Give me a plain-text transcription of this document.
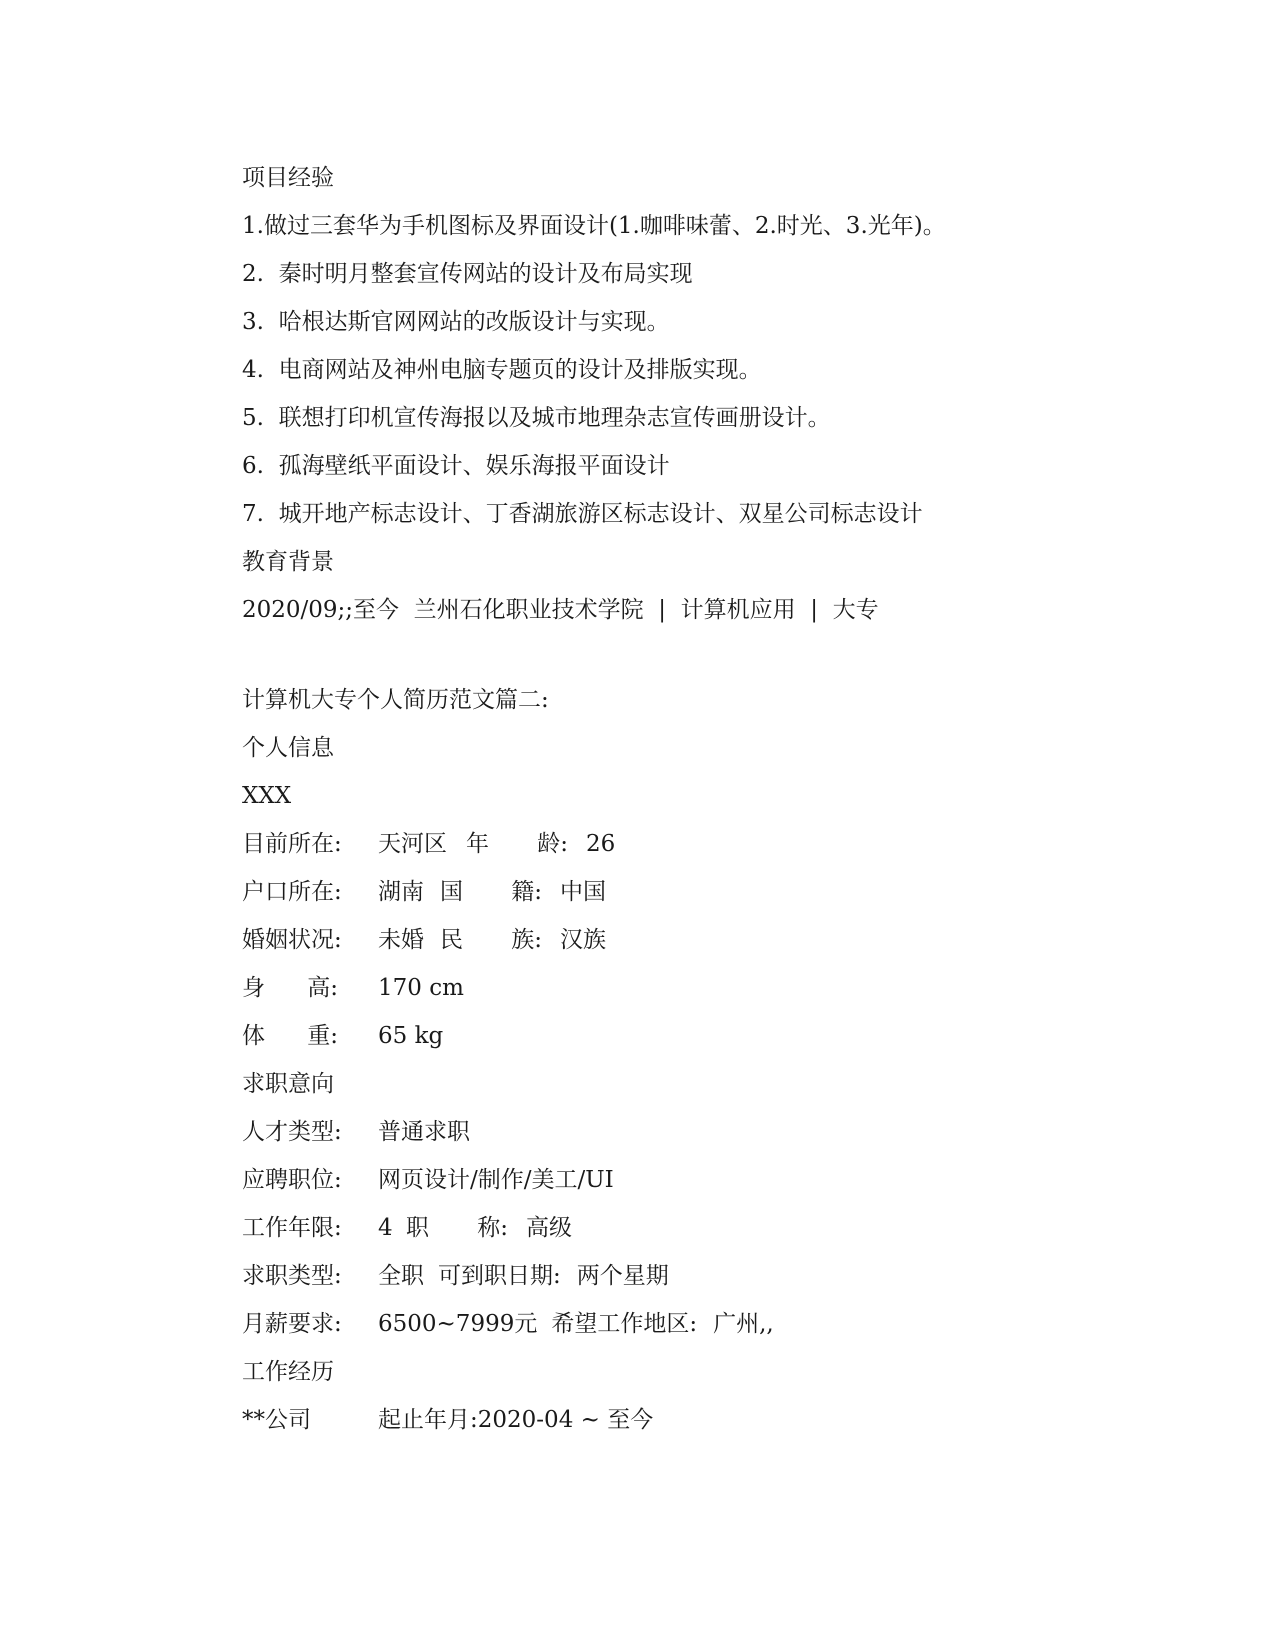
项目经验

1.做过三套华为手机图标及界面设计(1.咖啡味蕾、2.时光、3.光年)。

2.  秦时明月整套宣传网站的设计及布局实现

3.  哈根达斯官网网站的改版设计与实现。

4.  电商网站及神州电脑专题页的设计及排版实现。

5.  联想打印机宣传海报以及城市地理杂志宣传画册设计。

6.  孤海壁纸平面设计、娱乐海报平面设计

7.  城开地产标志设计、丁香湖旅游区标志设计、双星公司标志设计

教育背景

2020/09;;至今  兰州石化职业技术学院  |  计算机应用  |  大专

计算机大专个人简历范文篇二:

个人信息

XXX

目前所在:	天河区 年 龄: 26
户口所在:	湖南 国 籍: 中国
婚姻状况:	未婚 民 族: 汉族
身 高: 170 cm
体 重: 65 kg

求职意向

人才类型:	普通求职
应聘职位:	网页设计/制作/美工/UI
工作年限:	4 职 称: 高级
求职类型:	全职 可到职日期: 两个星期
月薪要求:	6500~7999元 希望工作地区: 广州,,

工作经历

**公司	起止年月: 2020-04 ~ 至今
